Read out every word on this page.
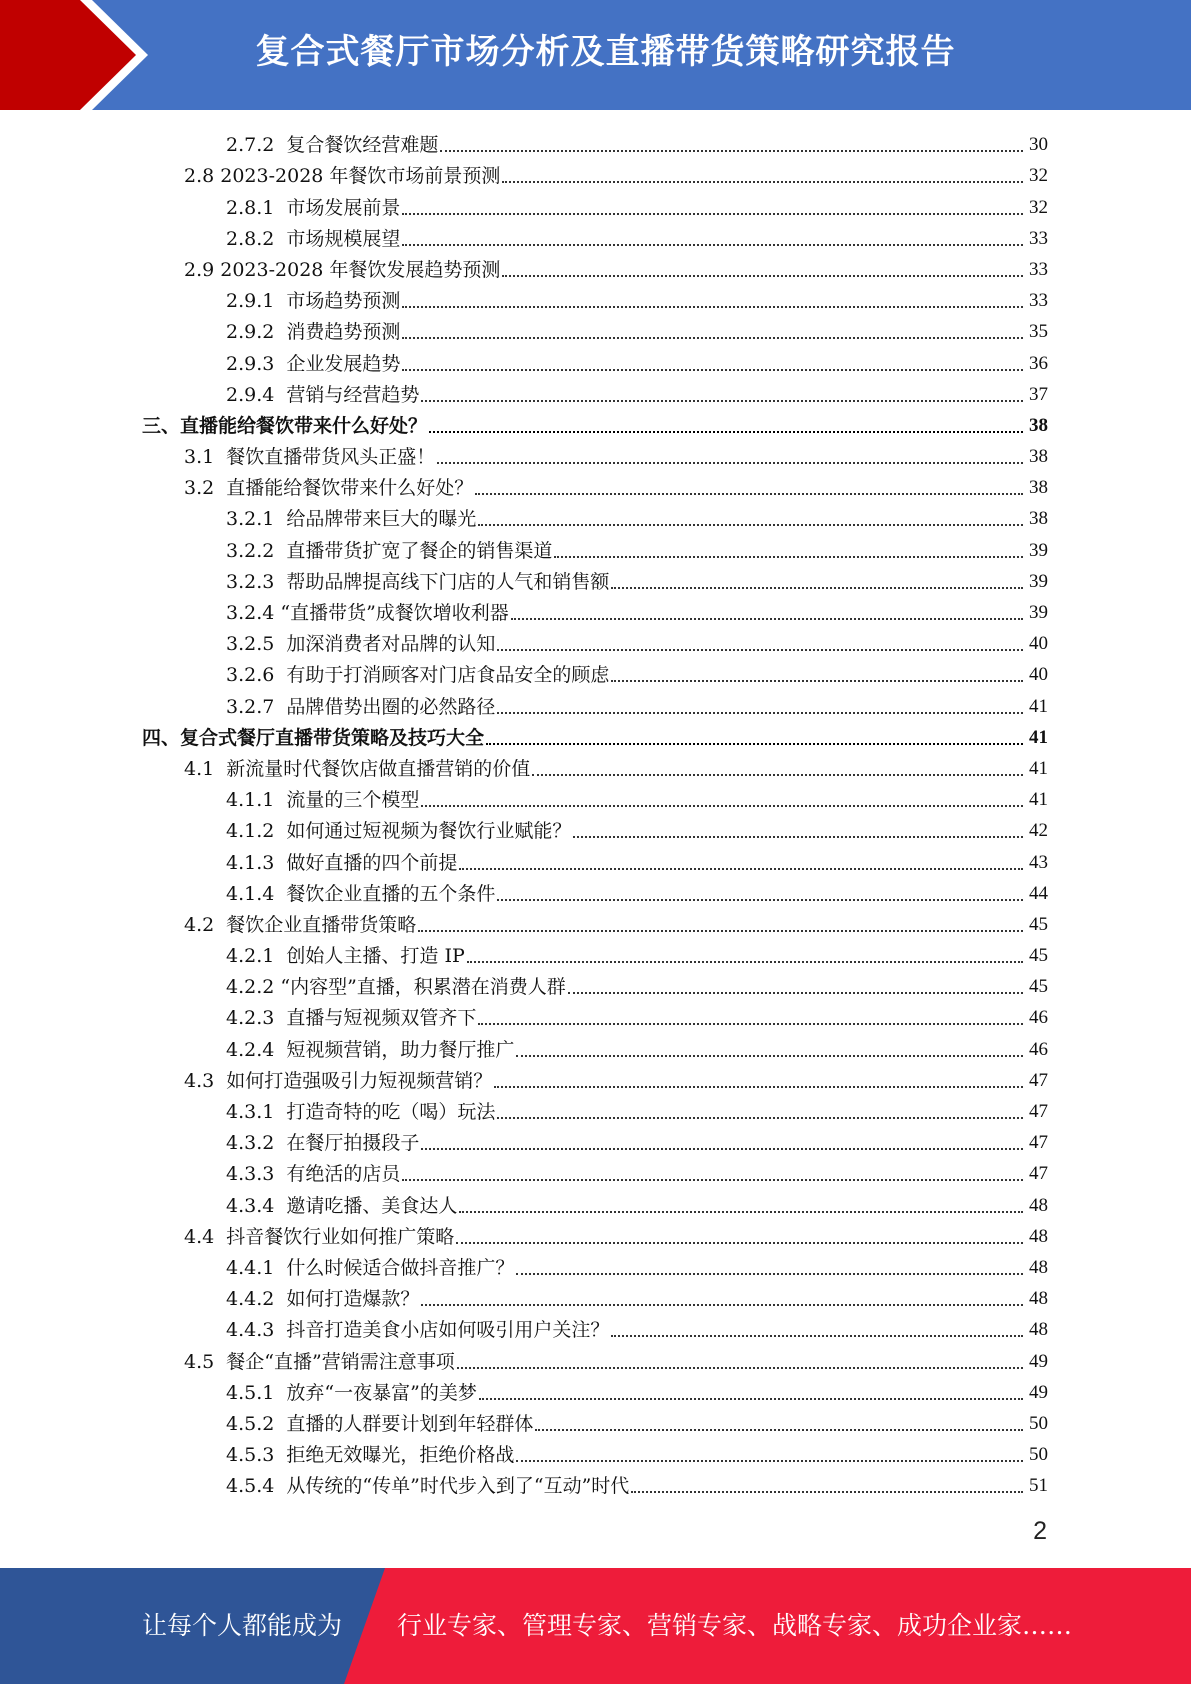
复合式餐厅市场分析及直播带货策略研究报告
2.7.2  复合餐饮经营难题	30
2.8 2023-2028 年餐饮市场前景预测	32
2.8.1  市场发展前景	32
2.8.2  市场规模展望	33
2.9 2023-2028 年餐饮发展趋势预测	33
2.9.1  市场趋势预测	33
2.9.2  消费趋势预测	35
2.9.3  企业发展趋势	36
2.9.4  营销与经营趋势	37
三、直播能给餐饮带来什么好处？	38
3.1  餐饮直播带货风头正盛！	38
3.2  直播能给餐饮带来什么好处？	38
3.2.1  给品牌带来巨大的曝光	38
3.2.2  直播带货扩宽了餐企的销售渠道	39
3.2.3  帮助品牌提高线下门店的人气和销售额	39
3.2.4 “直播带货”成餐饮增收利器	39
3.2.5  加深消费者对品牌的认知	40
3.2.6  有助于打消顾客对门店食品安全的顾虑	40
3.2.7  品牌借势出圈的必然路径	41
四、复合式餐厅直播带货策略及技巧大全	41
4.1  新流量时代餐饮店做直播营销的价值	41
4.1.1  流量的三个模型	41
4.1.2  如何通过短视频为餐饮行业赋能？	42
4.1.3  做好直播的四个前提	43
4.1.4  餐饮企业直播的五个条件	44
4.2  餐饮企业直播带货策略	45
4.2.1  创始人主播、打造 IP	45
4.2.2 “内容型”直播，积累潜在消费人群	45
4.2.3  直播与短视频双管齐下	46
4.2.4  短视频营销，助力餐厅推广	46
4.3  如何打造强吸引力短视频营销？	47
4.3.1  打造奇特的吃（喝）玩法	47
4.3.2  在餐厅拍摄段子	47
4.3.3  有绝活的店员	47
4.3.4  邀请吃播、美食达人	48
4.4  抖音餐饮行业如何推广策略	48
4.4.1  什么时候适合做抖音推广？	48
4.4.2  如何打造爆款？	48
4.4.3  抖音打造美食小店如何吸引用户关注？	48
4.5  餐企“直播”营销需注意事项	49
4.5.1  放弃“一夜暴富”的美梦	49
4.5.2  直播的人群要计划到年轻群体	50
4.5.3  拒绝无效曝光，拒绝价格战	50
4.5.4  从传统的“传单”时代步入到了“互动”时代	51
2
让每个人都能成为 行业专家、管理专家、营销专家、战略专家、成功企业家……
